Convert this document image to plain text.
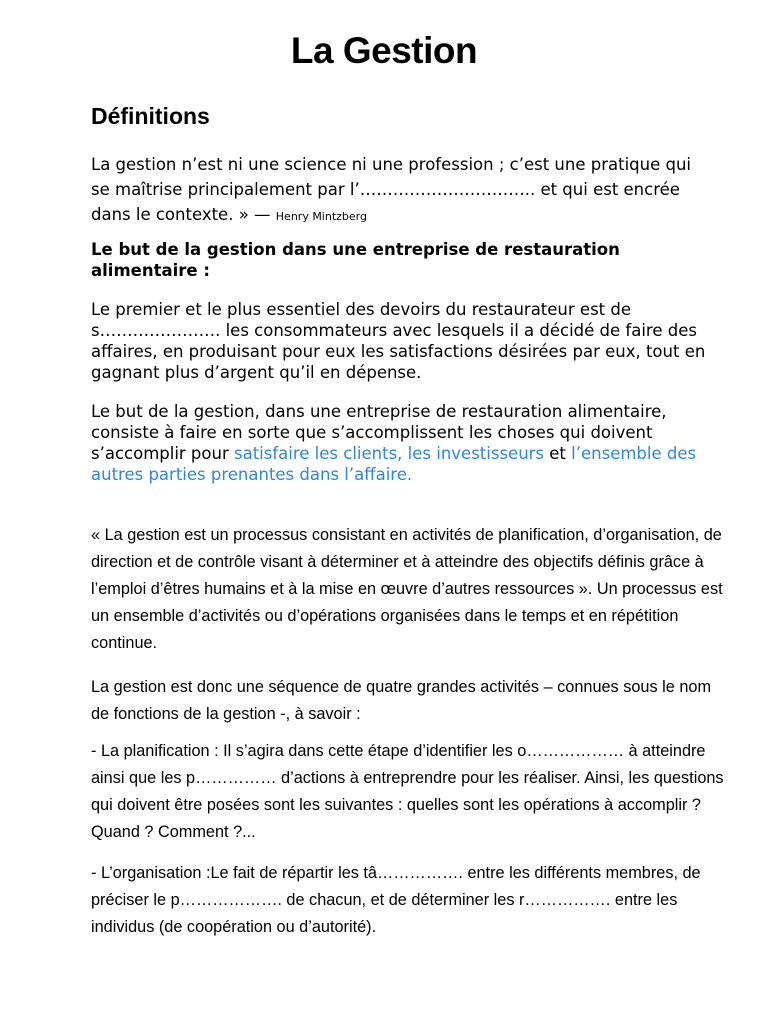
La Gestion
Définitions

La gestion n’est ni une science ni une profession ; c’est une pratique qui se maîtrise principalement par l’………………………….. et qui est encrée dans le contexte. » — Henry Mintzberg

Le but de la gestion dans une entreprise de restauration alimentaire :

Le premier et le plus essentiel des devoirs du restaurateur est de s…………………. les consommateurs avec lesquels il a décidé de faire des affaires, en produisant pour eux les satisfactions désirées par eux, tout en gagnant plus d’argent qu’il en dépense.

Le but de la gestion, dans une entreprise de restauration alimentaire, consiste à faire en sorte que s’accomplissent les choses qui doivent s’accomplir pour satisfaire les clients, les investisseurs et l’ensemble des autres parties prenantes dans l’affaire.

« La gestion est un processus consistant en activités de planification, d’organisation, de direction et de contrôle visant à déterminer et à atteindre des objectifs définis grâce à l’emploi d’êtres humains et à la mise en œuvre d’autres ressources ». Un processus est un ensemble d’activités ou d’opérations organisées dans le temps et en répétition continue.

La gestion est donc une séquence de quatre grandes activités – connues sous le nom de fonctions de la gestion -, à savoir :

- La planification : Il s’agira dans cette étape d’identifier les o……………… à atteindre ainsi que les p…………… d’actions à entreprendre pour les réaliser. Ainsi, les questions qui doivent être posées sont les suivantes : quelles sont les opérations à accomplir ? Quand ? Comment ?...

- L’organisation :Le fait de répartir les tâ……………. entre les différents membres, de préciser le p………………. de chacun, et de déterminer les r……………. entre les individus (de coopération ou d’autorité).
